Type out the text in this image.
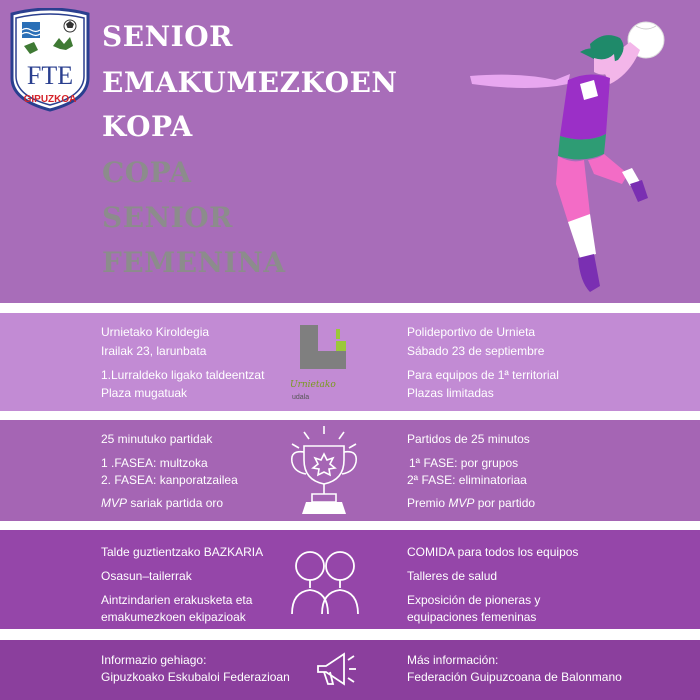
FTE
GIPUZKOA
SENIOR
EMAKUMEZKOEN
KOPA
COPA
SENIOR
FEMENINA
Urnietako Kiroldegia
Irailak 23, larunbata
1.Lurraldeko ligako taldeentzat
Plaza mugatuak
Urnietako
udala
Polideportivo de Urnieta
Sábado 23 de septiembre
Para equipos de 1ª territorial
Plazas limitadas
25 minutuko partidak
1 .FASEA: multzoka
2. FASEA: kanporatzailea
MVP sariak partida oro
Partidos de 25 minutos
1ª FASE: por grupos
2ª FASE: eliminatoriaa
Premio MVP por partido
Talde guztientzako BAZKARIA
Osasun–tailerrak
Aintzindarien erakusketa eta
emakumezkoen ekipazioak
COMIDA para todos los equipos
Talleres de salud
Exposición de pioneras y
equipaciones femeninas
Informazio gehiago:
Gipuzkoako Eskubaloi Federazioan
Más información:
Federación Guipuzcoana de Balonmano
